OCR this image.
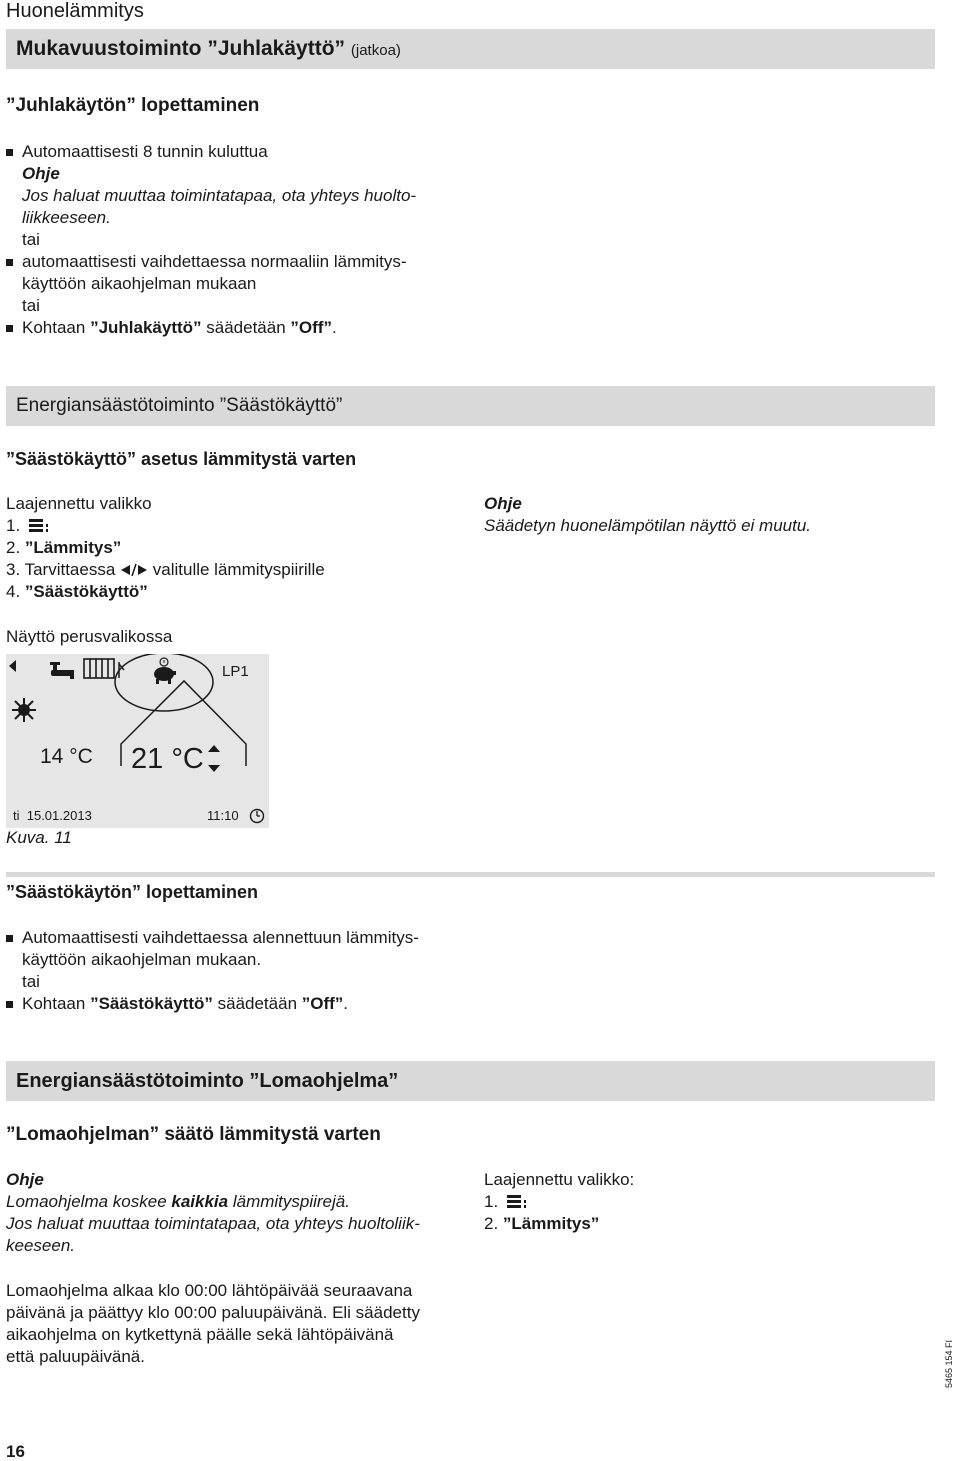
Huonelämmitys
Mukavuustoiminto ”Juhlakäyttö” (jatkoa)
”Juhlakäytön” lopettaminen
Automaattisesti 8 tunnin kuluttua
Ohje
Jos haluat muuttaa toimintatapaa, ota yhteys huolto-
liikkeeseen.
tai
automaattisesti vaihdettaessa normaaliin lämmitys-
käyttöön aikaohjelman mukaan
tai
Kohtaan ”Juhlakäyttö” säädetään ”Off”.
Energiansäästötoiminto ”Säästökäyttö”
”Säästökäyttö” asetus lämmitystä varten
Laajennettu valikko
1.
2. ”Lämmitys”
3. Tarvittaessa valitulle lämmityspiirille
4. ”Säästökäyttö”
Ohje
Säädetyn huonelämpötilan näyttö ei muutu.
Näyttö perusvalikossa
LP1
14 °C 21 °C
ti 15.01.2013	11:10
Kuva. 11
”Säästökäytön” lopettaminen
Automaattisesti vaihdettaessa alennettuun lämmitys-
käyttöön aikaohjelman mukaan.
tai
Kohtaan ”Säästökäyttö” säädetään ”Off”.
Energiansäästötoiminto ”Lomaohjelma”
”Lomaohjelman” säätö lämmitystä varten
Ohje
Lomaohjelma koskee kaikkia lämmityspiirejä.
Jos haluat muuttaa toimintatapaa, ota yhteys huoltoliik-
keeseen.
Laajennettu valikko:
1.
2. ”Lämmitys”
Lomaohjelma alkaa klo 00:00 lähtöpäivää seuraavana
päivänä ja päättyy klo 00:00 paluupäivänä. Eli säädetty
aikaohjelma on kytkettynä päälle sekä lähtöpäivänä
että paluupäivänä.
16
5465 154 FI
